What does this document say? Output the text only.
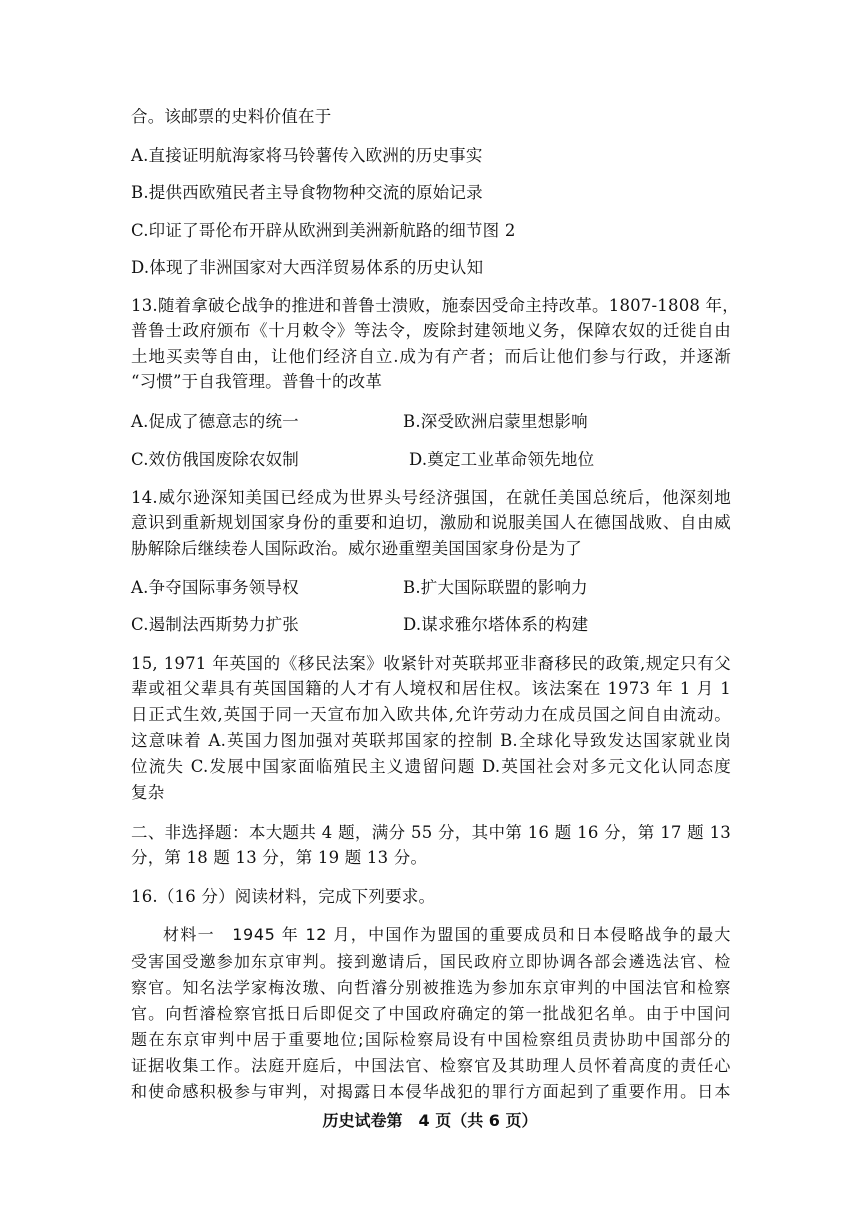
合。该邮票的史料价值在于
A.直接证明航海家将马铃薯传入欧洲的历史事实
B.提供西欧殖民者主导食物物种交流的原始记录
C.印证了哥伦布开辟从欧洲到美洲新航路的细节图 2
D.体现了非洲国家对大西洋贸易体系的历史认知
13.随着拿破仑战争的推进和普鲁士溃败，施泰因受命主持改革。1807-1808 年，
普鲁士政府颁布《十月敕令》等法令，废除封建领地义务，保障农奴的迁徙自由
土地买卖等自由，让他们经济自立.成为有产者；而后让他们参与行政，并逐渐
“习惯”于自我管理。普鲁十的改革
A.促成了德意志的统一	B.深受欧洲启蒙里想影响
C.效仿俄国废除农奴制	D.奠定工业革命领先地位
14.威尔逊深知美国已经成为世界头号经济强国，在就任美国总统后，他深刻地
意识到重新规划国家身份的重要和迫切，激励和说服美国人在德国战败、自由威
胁解除后继续卷人国际政治。威尔逊重塑美国国家身份是为了
A.争夺国际事务领导权	B.扩大国际联盟的影响力
C.遏制法西斯势力扩张	D.谋求雅尔塔体系的构建
15, 1971 年英国的《移民法案》收紧针对英联邦亚非裔移民的政策,规定只有父
辈或祖父辈具有英国国籍的人才有人境权和居住权。该法案在 1973 年 1 月 1
日正式生效,英国于同一天宣布加入欧共体,允许劳动力在成员国之间自由流动。
这意味着 A.英国力图加强对英联邦国家的控制 B.全球化导致发达国家就业岗
位流失 C.发展中国家面临殖民主义遗留问题 D.英国社会对多元文化认同态度
复杂
二、非选择题：本大题共 4 题，满分 55 分，其中第 16 题 16 分，第 17 题 13
分，第 18 题 13 分，第 19 题 13 分。
16.（16 分）阅读材料，完成下列要求。
材料一　1945 年 12 月，中国作为盟国的重要成员和日本侵略战争的最大
受害国受邀参加东京审判。接到邀请后，国民政府立即协调各部会遴选法官、检
察官。知名法学家梅汝璈、向哲濬分别被推选为参加东京审判的中国法官和检察
官。向哲濬检察官抵日后即促交了中国政府确定的第一批战犯名单。由于中国问
题在东京审判中居于重要地位;国际检察局设有中国检察组员责协助中国部分的
证据收集工作。法庭开庭后，中国法官、检察官及其助理人员怀着高度的责任心
和使命感积极参与审判，对揭露日本侵华战犯的罪行方面起到了重要作用。日本
历史试卷第　4 页（共 6 页）
